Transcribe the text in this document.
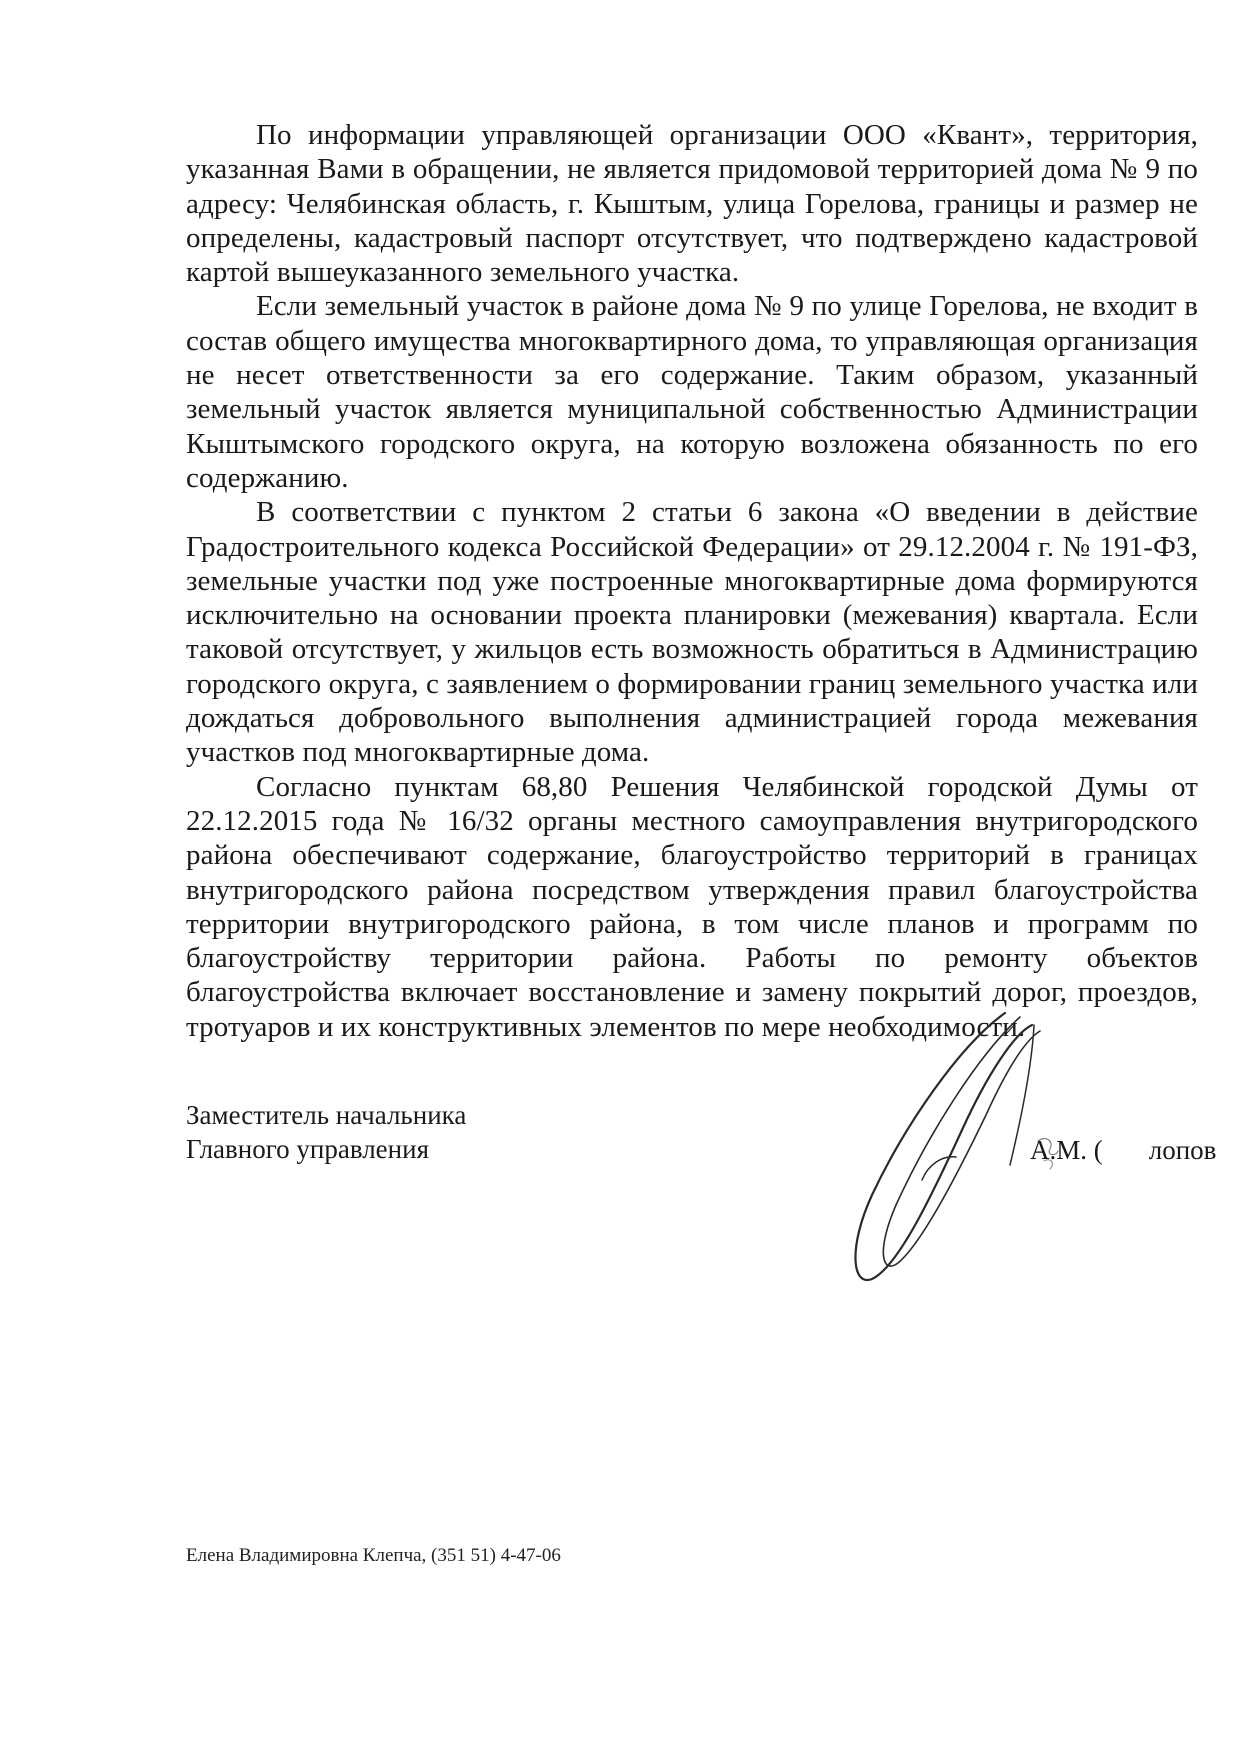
По информации управляющей организации ООО «Квант», территория, указанная Вами в обращении, не является придомовой территорией дома № 9 по адресу: Челябинская область, г. Кыштым, улица Горелова, границы и размер не определены, кадастровый паспорт отсутствует, что подтверждено кадастровой картой вышеуказанного земельного участка.

Если земельный участок в районе дома № 9 по улице Горелова, не входит в состав общего имущества многоквартирного дома, то управляющая организация не несет ответственности за его содержание. Таким образом, указанный земельный участок является муниципальной собственностью Администрации Кыштымского городского округа, на которую возложена обязанность по его содержанию.

В соответствии с пунктом 2 статьи 6 закона «О введении в действие Градостроительного кодекса Российской Федерации» от 29.12.2004 г. № 191-ФЗ, земельные участки под уже построенные многоквартирные дома формируются исключительно на основании проекта планировки (межевания) квартала. Если таковой отсутствует, у жильцов есть возможность обратиться в Администрацию городского округа, с заявлением о формировании границ земельного участка или дождаться добровольного выполнения администрацией города межевания участков под многоквартирные дома.

Согласно пунктам 68,80 Решения Челябинской городской Думы от 22.12.2015 года № 16/32 органы местного самоуправления внутригородского района обеспечивают содержание, благоустройство территорий в границах внутригородского района посредством утверждения правил благоустройства территории внутригородского района, в том числе планов и программ по благоустройству территории района. Работы по ремонту объектов благоустройства включает восстановление и замену покрытий дорог, проездов, тротуаров и их конструктивных элементов по мере необходимости.

Заместитель начальника
Главного управления	А.М. ( лопов
Елена Владимировна Клепча, (351 51) 4-47-06
